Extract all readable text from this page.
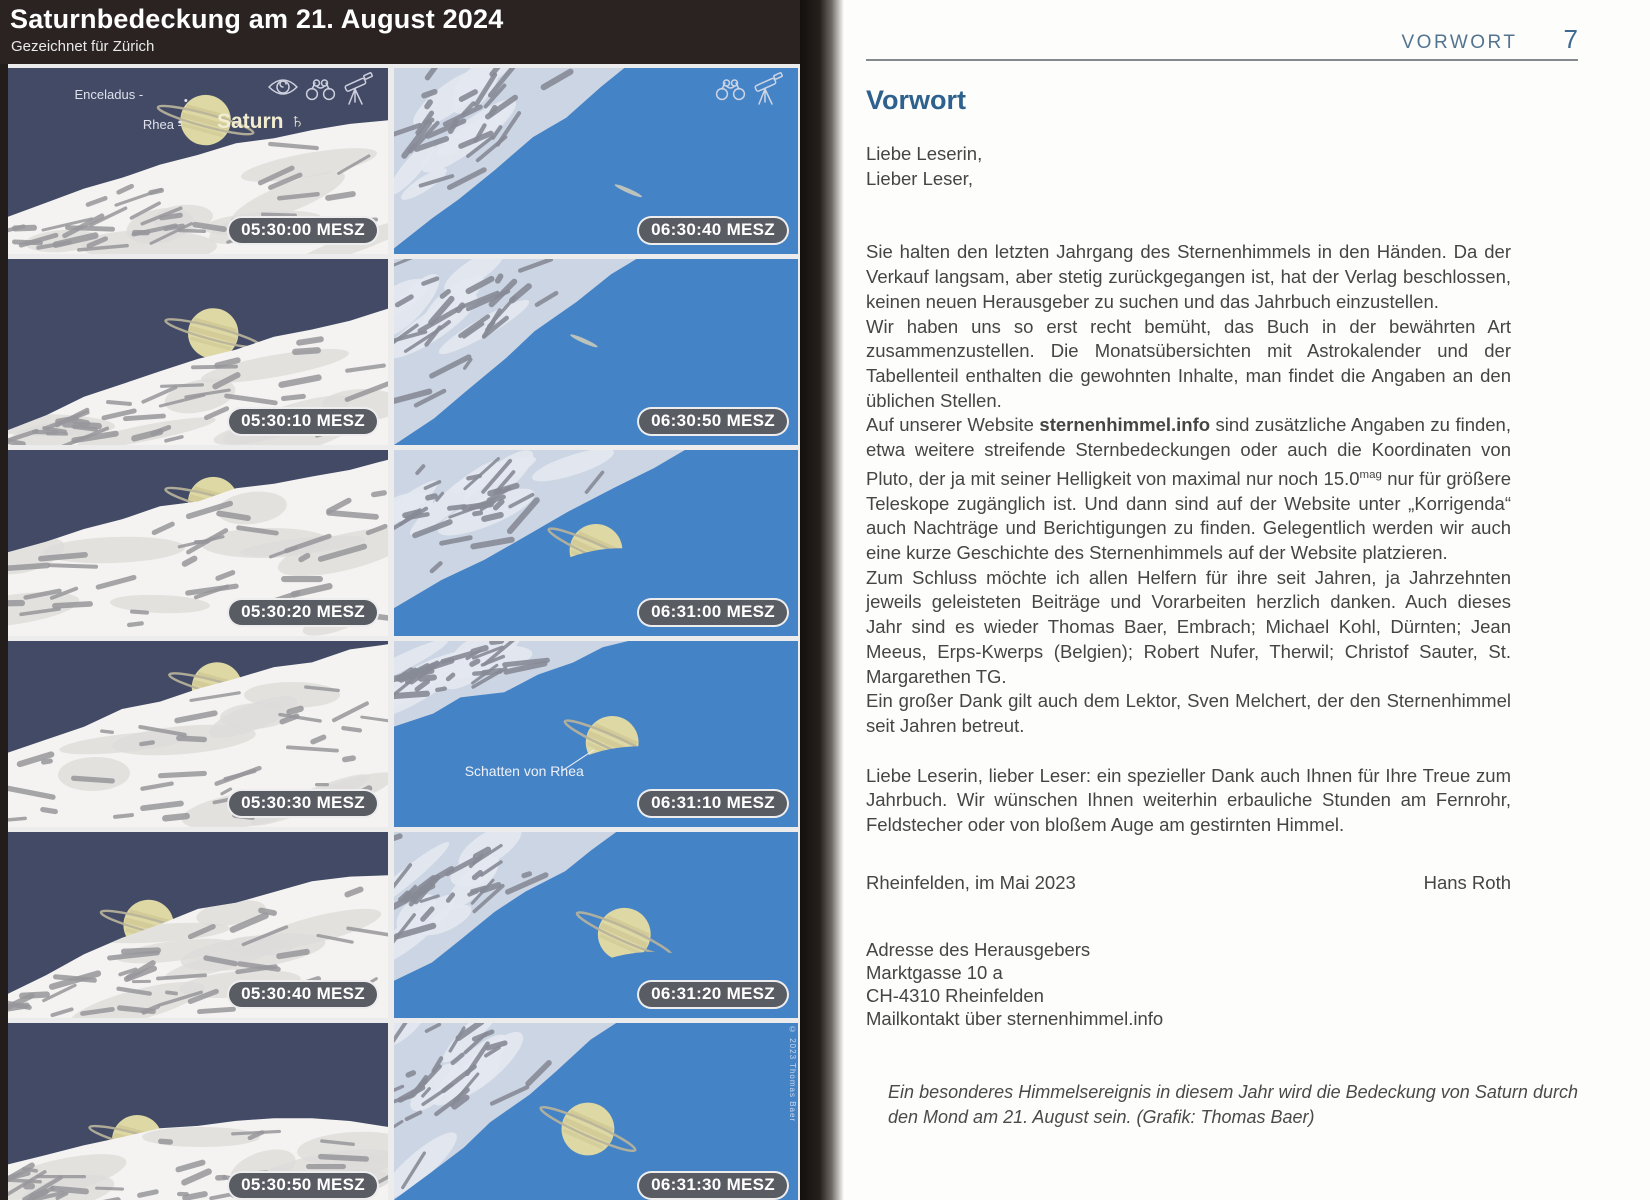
Saturnbedeckung am 21. August 2024
Gezeichnet für Zürich
Enceladus -
Rhea - Saturn ♄
05:30:00 MESZ
05:30:10 MESZ
05:30:20 MESZ
05:30:30 MESZ
05:30:40 MESZ
05:30:50 MESZ
06:30:40 MESZ
06:30:50 MESZ
06:31:00 MESZ
Schatten von Rhea
06:31:10 MESZ
06:31:20 MESZ
06:31:30 MESZ
© 2023 Thomas Baer
VORWORT 7
Vorwort
Liebe Leserin,
Lieber Leser,

Sie halten den letzten Jahrgang des Sternenhimmels in den Händen. Da der Verkauf langsam, aber stetig zurückgegangen ist, hat der Verlag beschlossen, keinen neuen Herausgeber zu suchen und das Jahrbuch einzustellen.

Wir haben uns so erst recht bemüht, das Buch in der bewährten Art zusammenzustellen. Die Monatsübersichten mit Astrokalender und der Tabellenteil enthalten die gewohnten Inhalte, man findet die Angaben an den üblichen Stellen.

Auf unserer Website sternenhimmel.info sind zusätzliche Angaben zu finden, etwa weitere streifende Sternbedeckungen oder auch die Koordinaten von Pluto, der ja mit seiner Helligkeit von maximal nur noch $15.0^{mag}$ nur für größere Teleskope zugänglich ist. Und dann sind auf der Website unter „Korrigenda“ auch Nachträge und Berichtigungen zu finden. Gelegentlich werden wir auch eine kurze Geschichte des Sternenhimmels auf der Website platzieren.

Zum Schluss möchte ich allen Helfern für ihre seit Jahren, ja Jahrzehnten jeweils geleisteten Beiträge und Vorarbeiten herzlich danken. Auch dieses Jahr sind es wieder Thomas Baer, Embrach; Michael Kohl, Dürnten; Jean Meeus, Erps-Kwerps (Belgien); Robert Nufer, Therwil; Christof Sauter, St. Margarethen TG.

Ein großer Dank gilt auch dem Lektor, Sven Melchert, der den Sternenhimmel seit Jahren betreut.

Liebe Leserin, lieber Leser: ein spezieller Dank auch Ihnen für Ihre Treue zum Jahrbuch. Wir wünschen Ihnen weiterhin erbauliche Stunden am Fernrohr, Feldstecher oder von bloßem Auge am gestirnten Himmel.

Rheinfelden, im Mai 2023	Hans Roth
Adresse des Herausgebers
Marktgasse 10 a
CH-4310 Rheinfelden
Mailkontakt über sternenhimmel.info
Ein besonderes Himmelsereignis in diesem Jahr wird die Bedeckung von Saturn durch den Mond am 21. August sein. (Grafik: Thomas Baer)
